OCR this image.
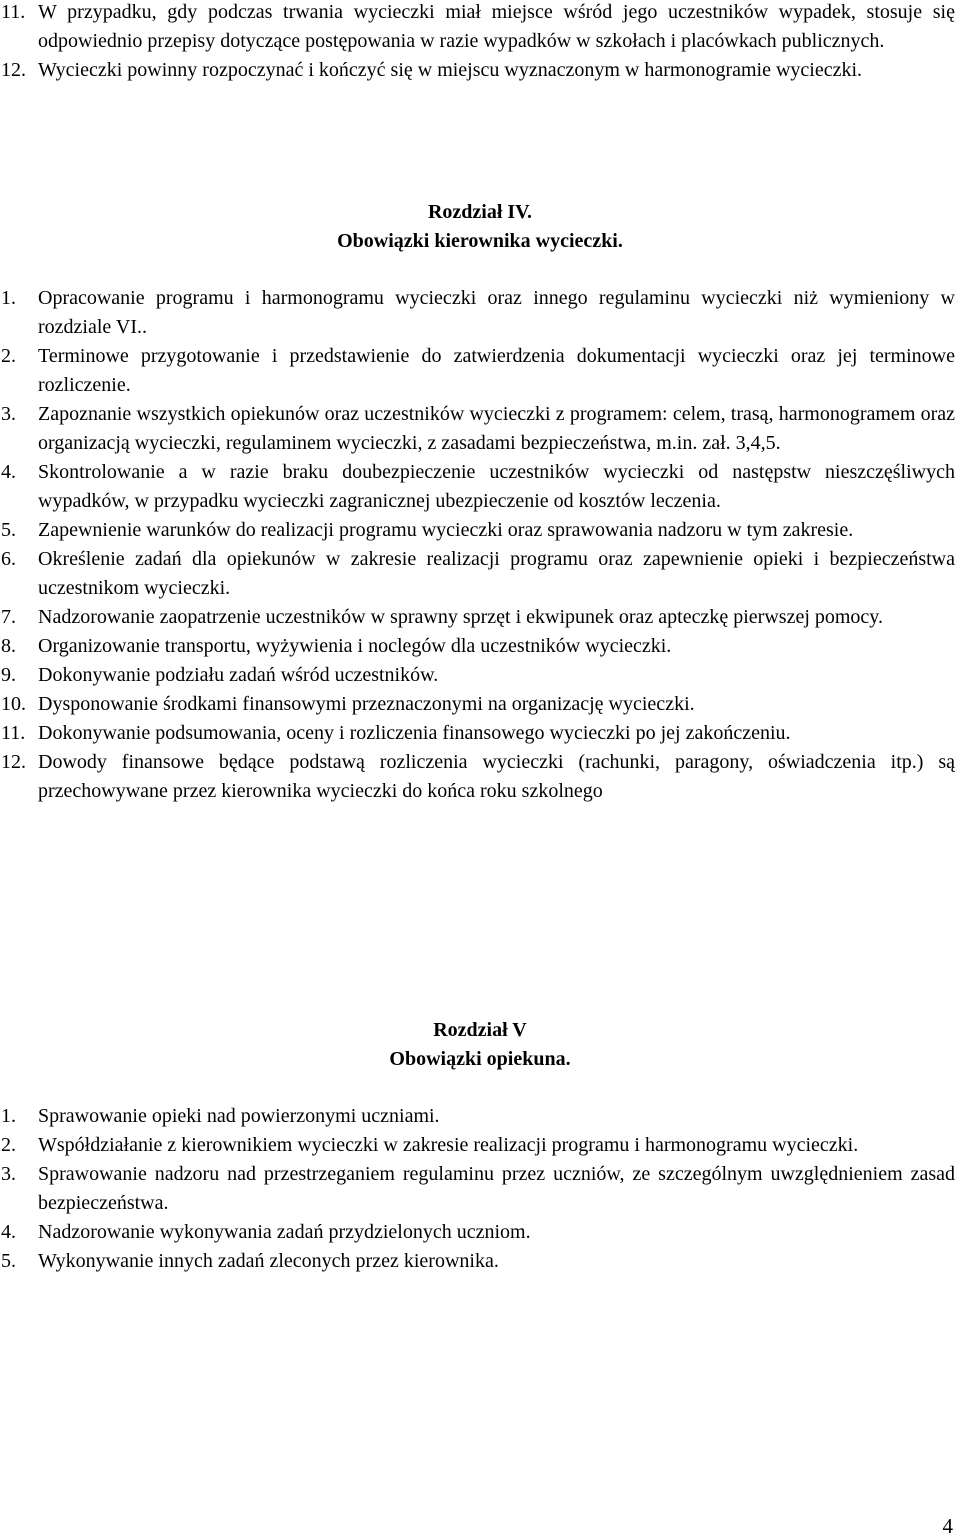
11. W przypadku, gdy podczas trwania wycieczki miał miejsce wśród jego uczestników wypadek, stosuje się odpowiednio przepisy dotyczące postępowania w razie wypadków w szkołach i placówkach publicznych.
12. Wycieczki powinny rozpoczynać i kończyć się w miejscu wyznaczonym w harmonogramie wycieczki.
Rozdział IV.
Obowiązki kierownika wycieczki.
1. Opracowanie programu i harmonogramu wycieczki oraz innego regulaminu wycieczki niż wymieniony w rozdziale VI..
2. Terminowe przygotowanie i przedstawienie do zatwierdzenia dokumentacji wycieczki oraz jej terminowe rozliczenie.
3. Zapoznanie wszystkich opiekunów oraz uczestników wycieczki z programem: celem, trasą, harmonogramem oraz organizacją wycieczki, regulaminem wycieczki, z zasadami bezpieczeństwa, m.in. zał. 3,4,5.
4. Skontrolowanie a w razie braku doubezpieczenie uczestników wycieczki od następstw nieszczęśliwych wypadków, w przypadku wycieczki zagranicznej ubezpieczenie od kosztów leczenia.
5. Zapewnienie warunków do realizacji programu wycieczki oraz sprawowania nadzoru w tym zakresie.
6. Określenie zadań dla opiekunów w zakresie realizacji programu oraz zapewnienie opieki i bezpieczeństwa uczestnikom wycieczki.
7. Nadzorowanie zaopatrzenie uczestników w sprawny sprzęt i ekwipunek oraz apteczkę pierwszej pomocy.
8. Organizowanie transportu, wyżywienia i noclegów dla uczestników wycieczki.
9. Dokonywanie podziału zadań wśród uczestników.
10. Dysponowanie środkami finansowymi przeznaczonymi na organizację wycieczki.
11. Dokonywanie podsumowania, oceny i rozliczenia finansowego wycieczki po jej zakończeniu.
12. Dowody finansowe będące podstawą rozliczenia wycieczki (rachunki, paragony, oświadczenia itp.) są przechowywane przez kierownika wycieczki do końca roku szkolnego
Rozdział V
Obowiązki opiekuna.
1. Sprawowanie opieki nad powierzonymi uczniami.
2. Współdziałanie z kierownikiem wycieczki w zakresie realizacji programu i harmonogramu wycieczki.
3. Sprawowanie nadzoru nad przestrzeganiem regulaminu przez uczniów, ze szczególnym uwzględnieniem zasad bezpieczeństwa.
4. Nadzorowanie wykonywania zadań przydzielonych uczniom.
5. Wykonywanie innych zadań zleconych przez kierownika.
4
